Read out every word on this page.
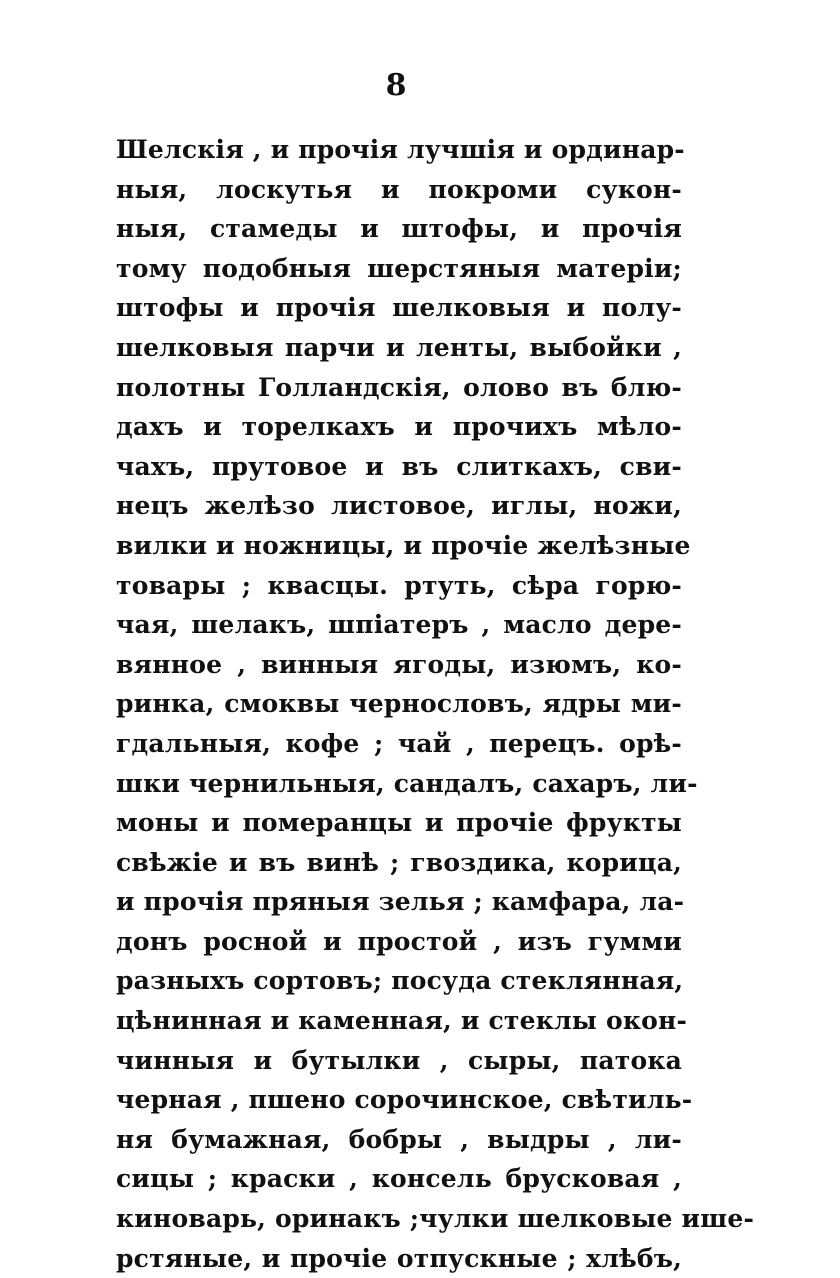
8
Шелскія , и прочія лучшія и ординар-
ныя, лоскутья и покроми сукон-
ныя, стамеды и штофы, и прочія
тому подобныя шерстяныя матеріи;
штофы и прочія шелковыя и полу-
шелковыя парчи и ленты, выбойки ,
полотны Голландскія, олово въ блю-
дахъ и торелкахъ и прочихъ мѣло-
чахъ, прутовое и въ слиткахъ, сви-
нецъ желѣзо листовое, иглы, ножи,
вилки и ножницы, и прочіе желѣзные
товары ; квасцы. ртуть, сѣра горю-
чая, шелакъ, шпіатеръ , масло дере-
вянное , винныя ягоды, изюмъ, ко-
ринка, смоквы чернословъ, ядры ми-
гдальныя, кофе ; чай , перецъ. орѣ-
шки чернильныя, сандалъ, сахаръ, ли-
моны и померанцы и прочіе фрукты
свѣжіе и въ винѣ ; гвоздика, корица,
и прочія пряныя зелья ; камфара, ла-
донъ росной и простой , изъ гумми
разныхъ сортовъ; посуда стеклянная,
цѣнинная и каменная, и стеклы окон-
чинныя и бутылки , сыры, патока
черная , пшено сорочинское, свѣтиль-
ня бумажная, бобры , выдры , ли-
сицы ; краски , консель брусковая ,
киноварь, оринакъ ;чулки шелковые ише-
рстяные, и прочіе отпускные ; хлѣбъ,
